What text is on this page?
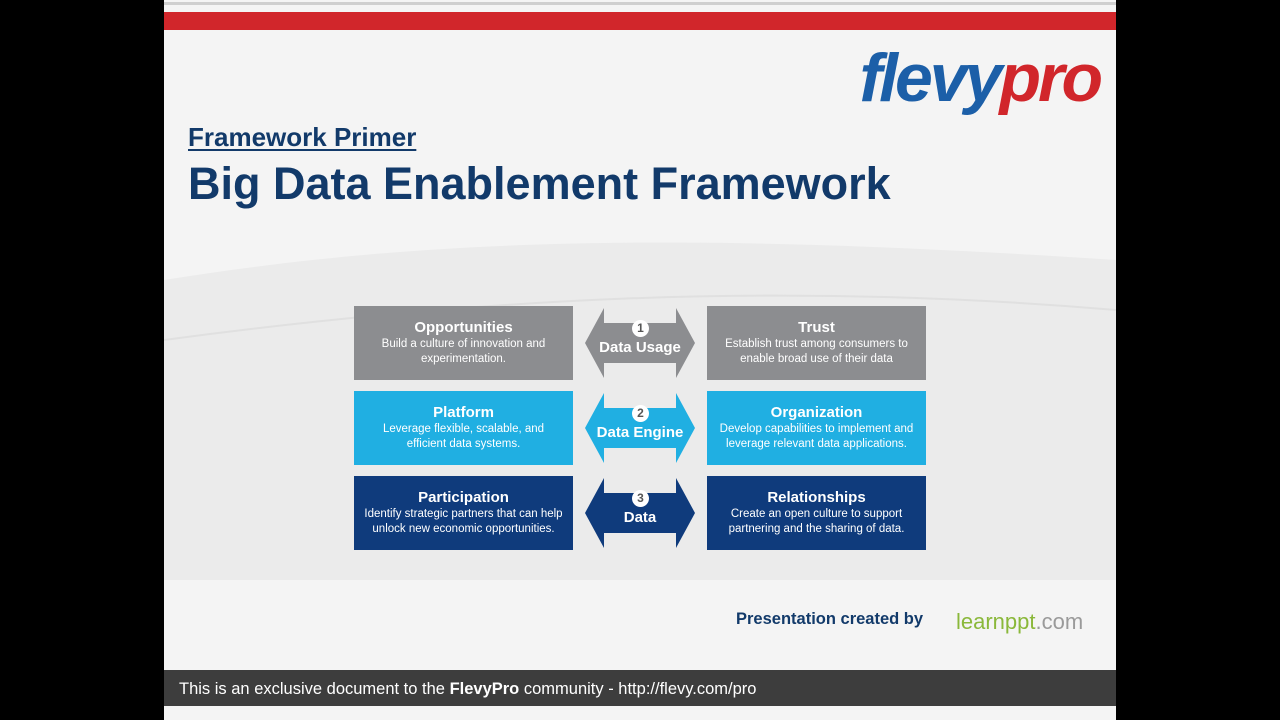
flevypro
Framework Primer
Big Data Enablement Framework
Opportunities
Build a culture of innovation and experimentation.
Platform
Leverage flexible, scalable, and efficient data systems.
Participation
Identify strategic partners that can help unlock new economic opportunities.
1
Data Usage
2
Data Engine
3
Data
Trust
Establish trust among consumers to enable broad use of their data
Organization
Develop capabilities to implement and leverage relevant data applications.
Relationships
Create an open culture to support partnering and the sharing of data.
Presentation created by learnppt.com
This is an exclusive document to the FlevyPro community - http://flevy.com/pro
